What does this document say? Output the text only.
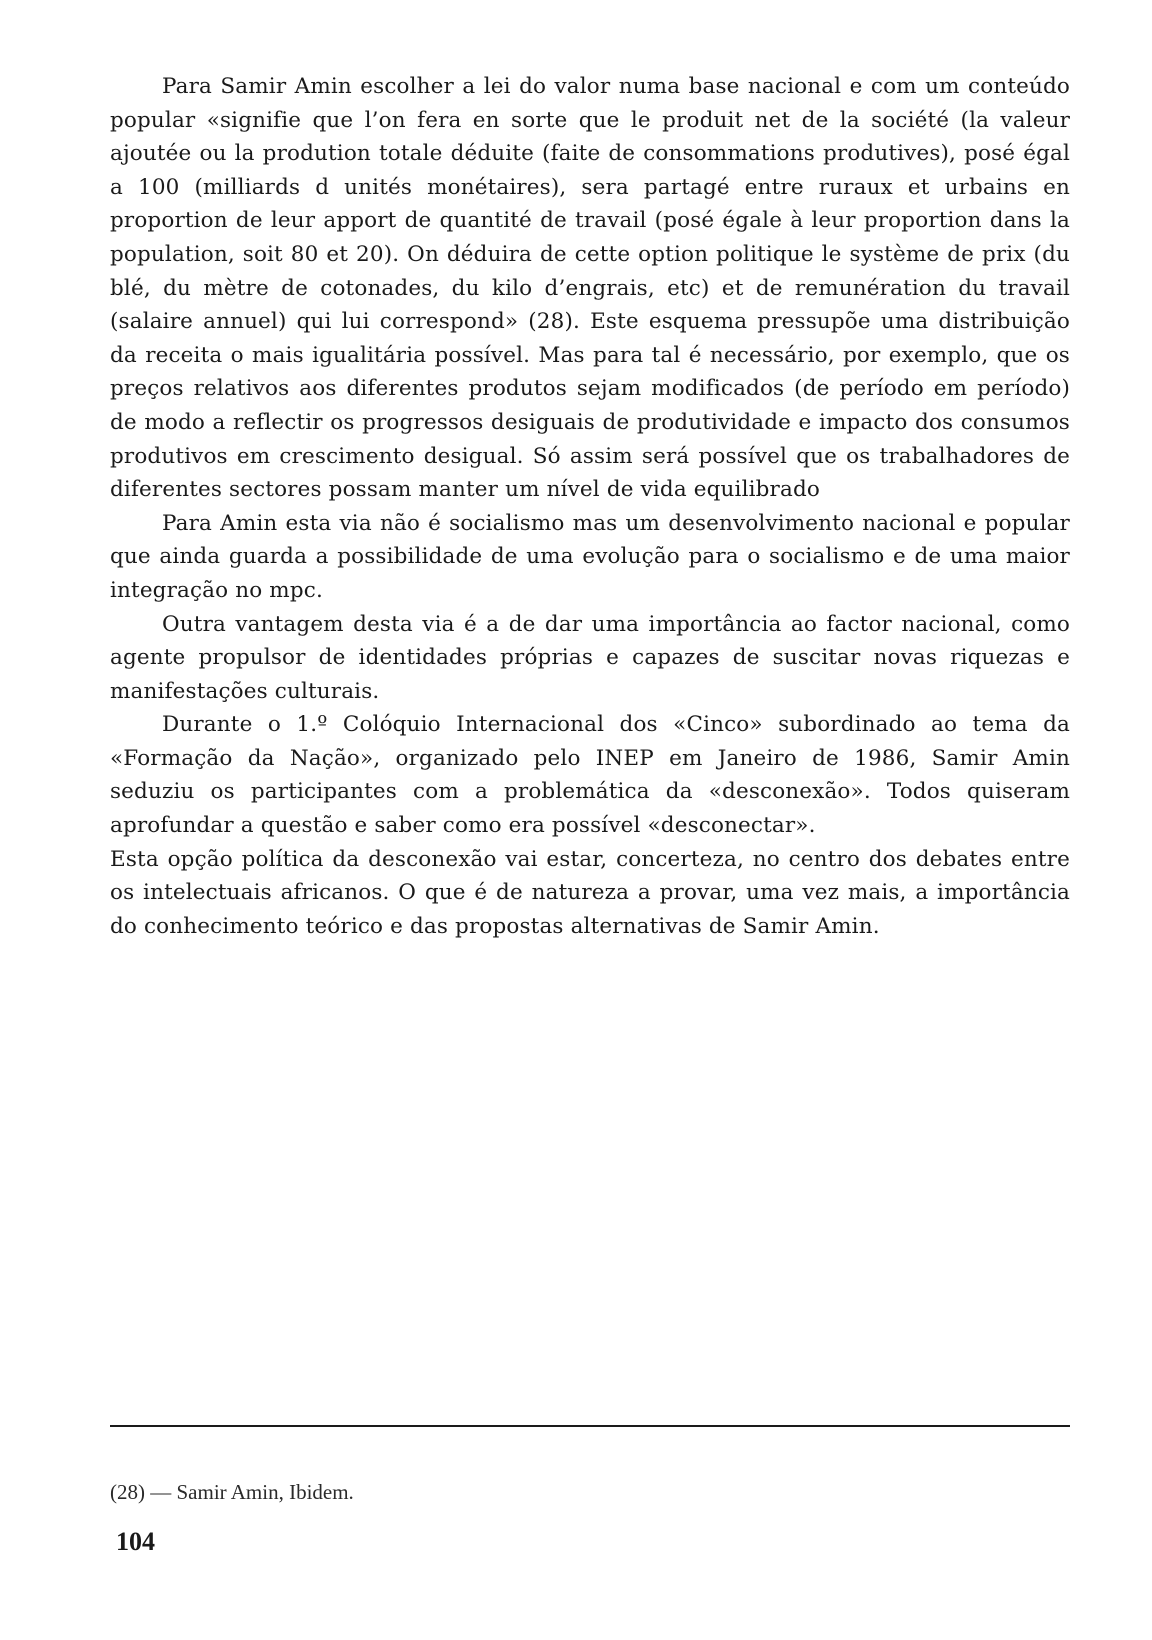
Para Samir Amin escolher a lei do valor numa base nacional e com um conteúdo popular «signifie que l’on fera en sorte que le produit net de la société (la valeur ajoutée ou la prodution totale déduite (faite de consommations produtives), posé égal a 100 (milliards d unités monétaires), sera partagé entre ruraux et urbains en proportion de leur apport de quantité de travail (posé égale à leur proportion dans la population, soit 80 et 20). On déduira de cette option politique le système de prix (du blé, du mètre de cotonades, du kilo d’engrais, etc) et de remunération du travail (salaire annuel) qui lui correspond» (28). Este esquema pressupõe uma distribuição da receita o mais igualitária possível. Mas para tal é necessário, por exemplo, que os preços relativos aos diferentes produtos sejam modificados (de período em período) de modo a reflectir os progressos desiguais de produtividade e impacto dos consumos produtivos em crescimento desigual. Só assim será possível que os trabalhadores de diferentes sectores possam manter um nível de vida equilibrado

Para Amin esta via não é socialismo mas um desenvolvimento nacional e popular que ainda guarda a possibilidade de uma evolução para o socialismo e de uma maior integração no mpc.

Outra vantagem desta via é a de dar uma importância ao factor nacional, como agente propulsor de identidades próprias e capazes de suscitar novas riquezas e manifestações culturais.

Durante o 1.º Colóquio Internacional dos «Cinco» subordinado ao tema da «Formação da Nação», organizado pelo INEP em Janeiro de 1986, Samir Amin seduziu os participantes com a problemática da «desconexão». Todos quiseram aprofundar a questão e saber como era possível «desconectar».

Esta opção política da desconexão vai estar, concerteza, no centro dos debates entre os intelectuais africanos. O que é de natureza a provar, uma vez mais, a importância do conhecimento teórico e das propostas alternativas de Samir Amin.

(28) — Samir Amin, Ibidem.
104
